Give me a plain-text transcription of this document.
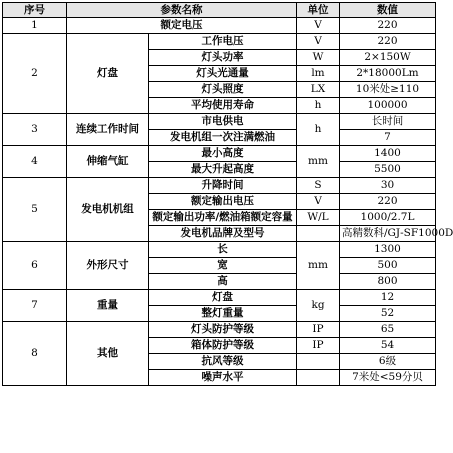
序号	参数名称		单位	数值
1	额定电压		V	220
2	灯盘	工作电压	V	220
		灯头功率	W	2×150W
		灯头光通量	lm	2*18000Lm
		灯头照度	LX	10米处≥110
		平均使用寿命	h	100000
3	连续工作时间	市电供电	h	长时间
		发电机组一次注满燃油		7
4	伸缩气缸	最小高度	mm	1400
		最大升起高度		5500
5	发电机机组	升降时间	S	30
		额定输出电压	V	220
		额定输出功率/燃油箱额定容量	W/L	1000/2.7L
		发电机品牌及型号		高精数科/GJ-SF1000D
6	外形尺寸	长	mm	1300
		宽		500
		高		800
7	重量	灯盘	kg	12
		整灯重量		52
8	其他	灯头防护等级	IP	65
		箱体防护等级	IP	54
		抗风等级		6级
		噪声水平		7米处<59分贝
